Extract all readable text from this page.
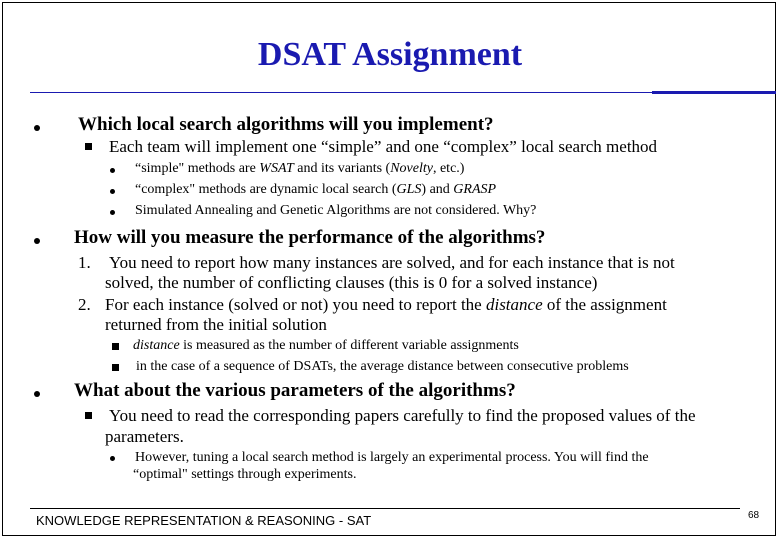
DSAT Assignment
Which local search algorithms will you implement?
Each team will implement one “simple” and one “complex” local search method
“simple" methods are WSAT and its variants (Novelty, etc.)
“complex" methods are dynamic local search (GLS) and GRASP
Simulated Annealing and Genetic Algorithms are not considered. Why?
How will you measure the performance of the algorithms?
1. You need to report how many instances are solved, and for each instance that is not
solved, the number of conflicting clauses (this is 0 for a solved instance)
2. For each instance (solved or not) you need to report the distance of the assignment
returned from the initial solution
distance is measured as the number of different variable assignments
in the case of a sequence of DSATs, the average distance between consecutive problems
What about the various parameters of the algorithms?
You need to read the corresponding papers carefully to find the proposed values of the
parameters.
However, tuning a local search method is largely an experimental process. You will find the
“optimal" settings through experiments.
KNOWLEDGE REPRESENTATION & REASONING - SAT	68
